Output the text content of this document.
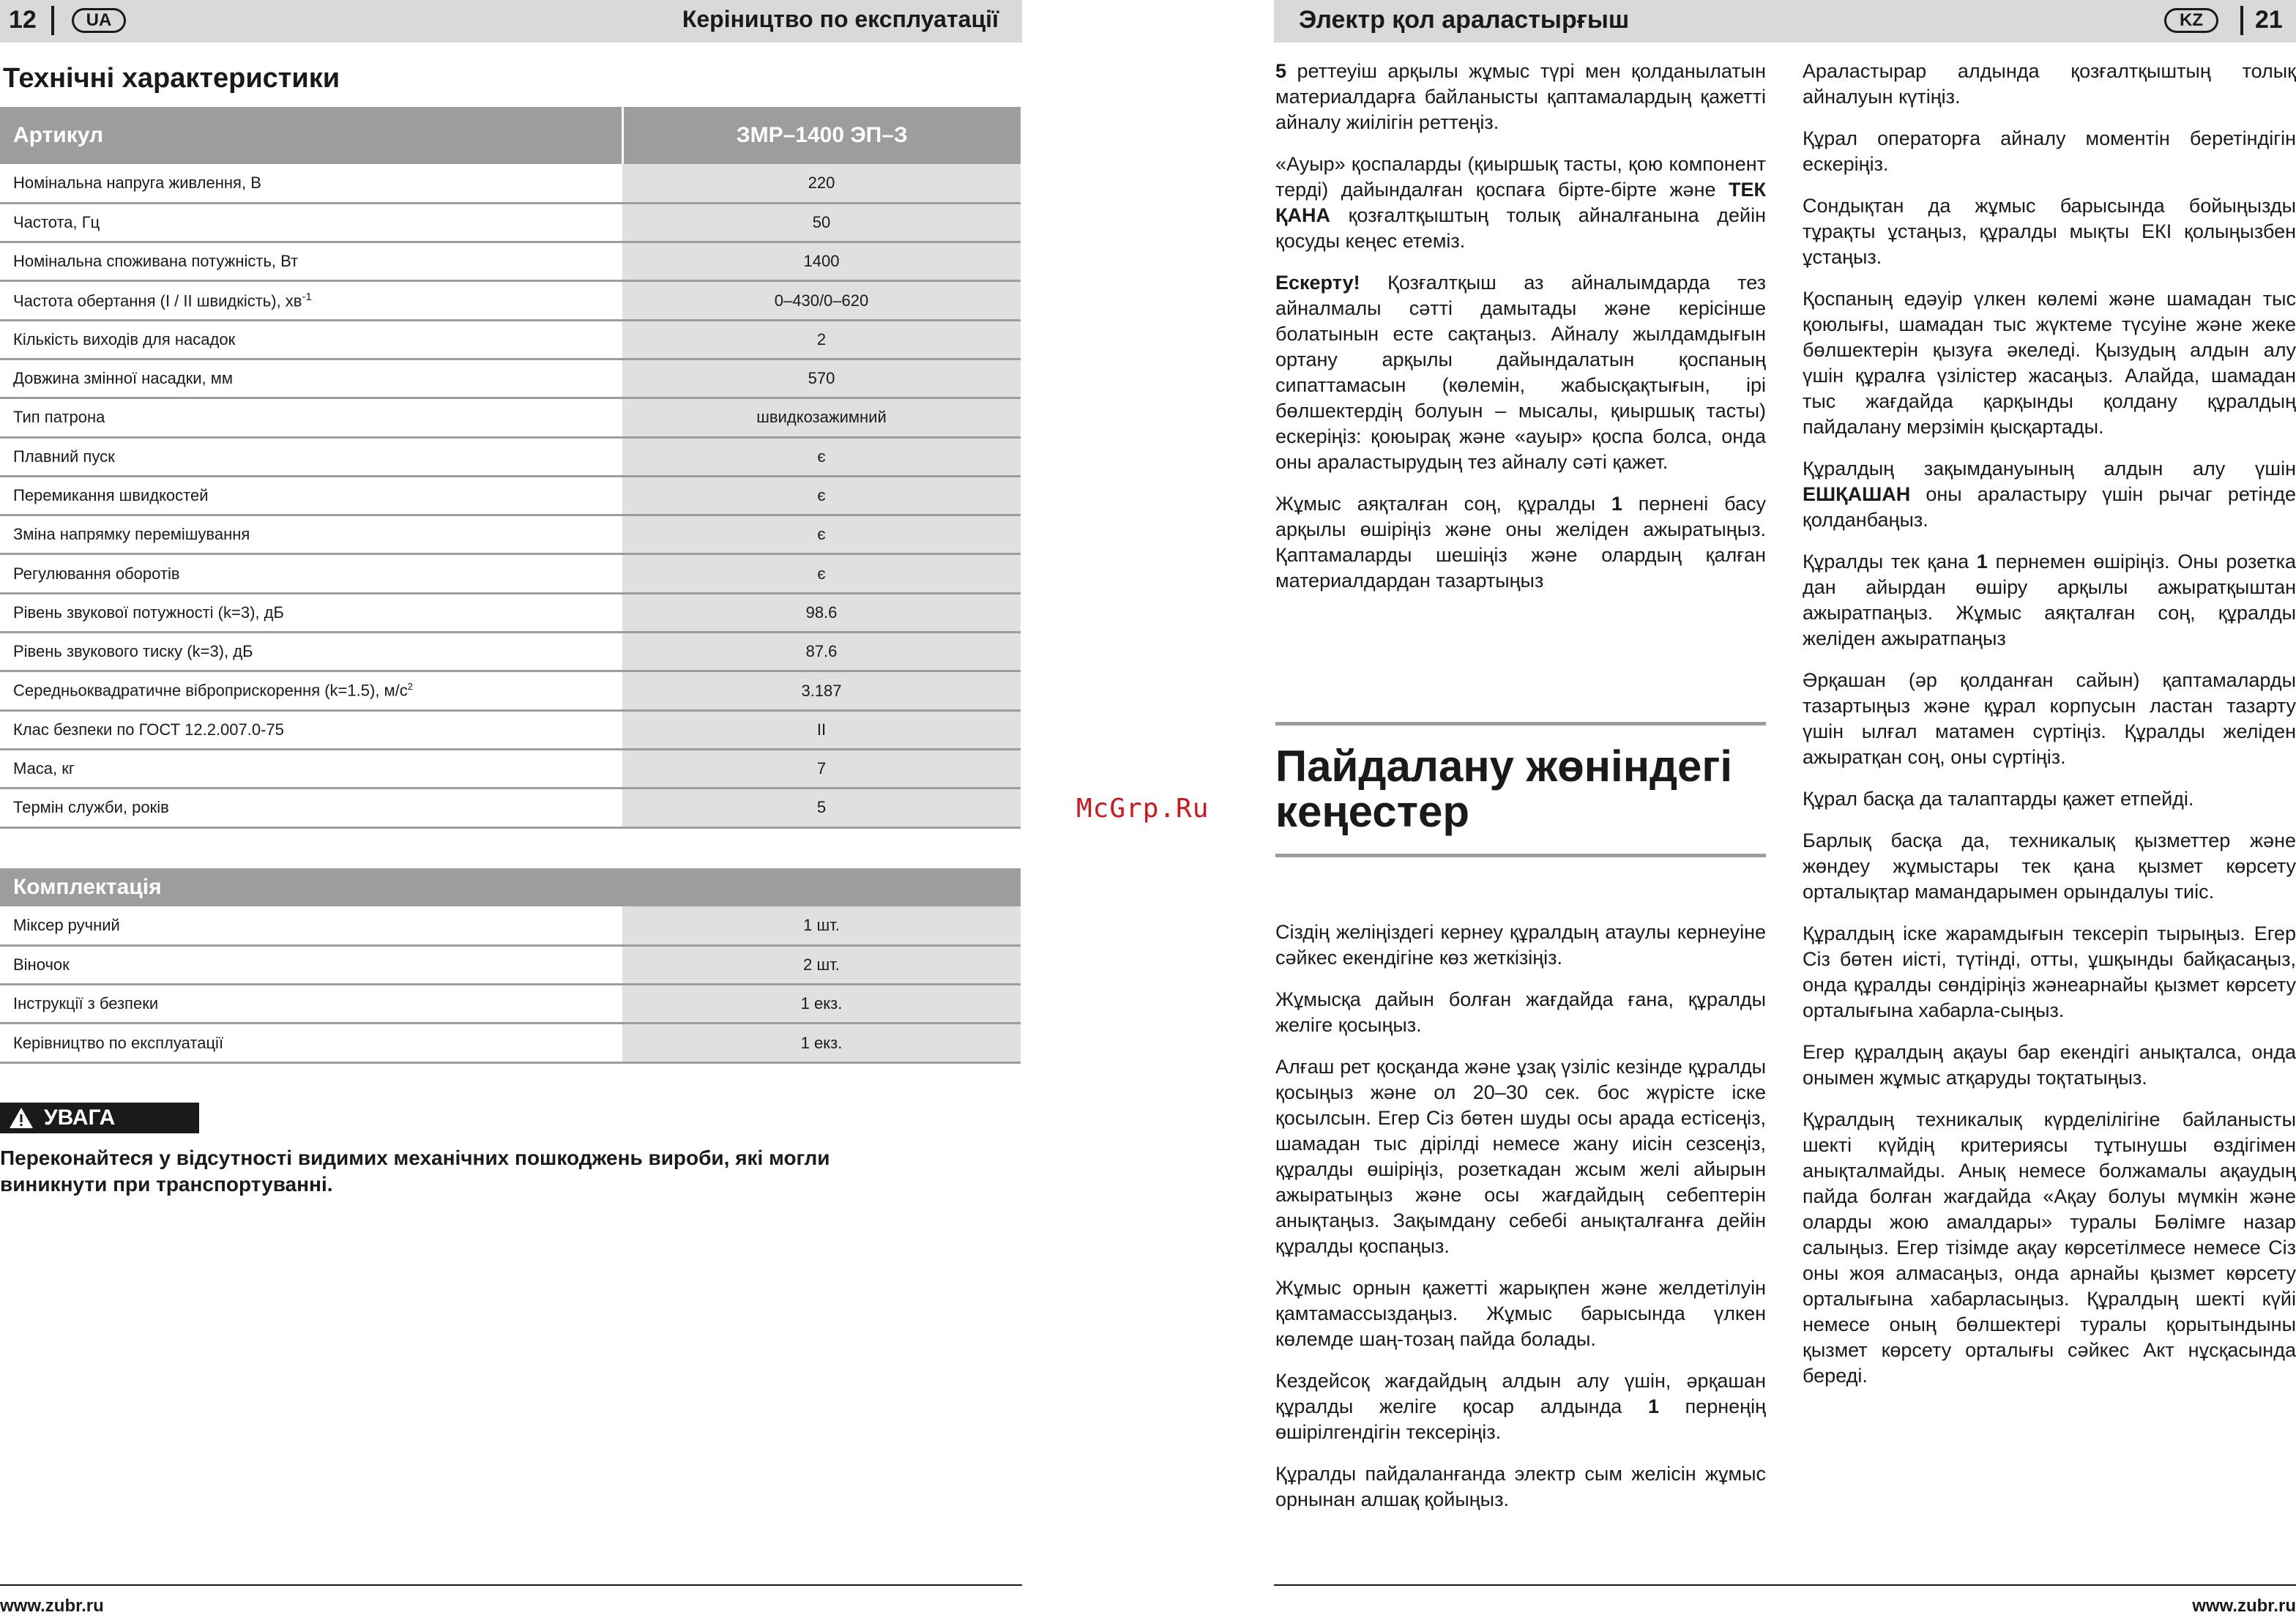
12	UA	Керіництво по експлуатації
Технічні характеристики
Артикул	ЗМР–1400 ЭП–З
Номінальна напруга живлення, В	220
Частота, Гц	50
Номінальна споживана потужність, Вт	1400
Частота обертання (I / II швидкість), $хв^{-1}$	0–430/0–620
Кількість виходів для насадок	2
Довжина змінної насадки, мм	570
Тип патрона	швидкозажимний
Плавний пуск	є
Перемикання швидкостей	є
Зміна напрямку перемішування	є
Регулювання оборотів	є
Рівень звукової потужності (k=3), дБ	98.6
Рівень звукового тиску (k=3), дБ	87.6
Середньоквадратичне віброприскорення (k=1.5), $м/с^2$	3.187
Клас безпеки по ГОСТ 12.2.007.0-75	II
Маса, кг	7
Термін служби, років	5
Комплектація	
Міксер ручний	1 шт.
Віночок	2 шт.
Інструкції з безпеки	1 екз.
Керівництво по експлуатації	1 екз.
УВАГА

Переконайтеся у відсутності видимих механічних пошкоджень вироби, які могли виникнути при транспортуванні.

www.zubr.ru
McGrp.Ru
Электр қол араластырғыш	KZ	21

5 реттеуіш арқылы жұмыс түрі мен қолданылатын материалдарға байланысты қаптамалардың қажетті айналу жиілігін реттеңіз.

«Ауыр» қоспаларды (қиыршық тасты, қою компонент терді) дайындалған қоспаға бірте-бірте және ТЕК ҚАНА қозғалтқыштың толық айналғанына дейін қосуды кеңес етеміз.

Ескерту! Қозғалтқыш аз айналымдарда тез айналмалы сәтті дамытады және керісінше болатынын есте сақтаңыз. Айналу жылдамдығын ортану арқылы дайындалатын қоспаның сипаттамасын (көлемін, жабысқақтығын, ірі бөлшектердің болуын – мысалы, қиыршық тасты) ескеріңіз: қоюырақ және «ауыр» қоспа болса, онда оны араластырудың тез айналу сәті қажет.

Жұмыс аяқталған соң, құралды 1 пернені басу арқылы өшіріңіз және оны желіден ажыратыңыз. Қаптамаларды шешіңіз және олардың қалған материалдардан тазартыңыз

Пайдалану жөніндегі кеңестер

Сіздің желіңіздегі кернеу құралдың атаулы кернеуіне сәйкес екендігіне көз жеткізіңіз.

Жұмысқа дайын болған жағдайда ғана, құралды желіге қосыңыз.

Алғаш рет қосқанда және ұзақ үзіліс кезінде құралды қосыңыз және ол 20–30 сек. бос жүрісте іске қосылсын. Егер Сіз бөтен шуды осы арада естісеңіз, шамадан тыс дірілді немесе жану иісін сезсеңіз, құралды өшіріңіз, розеткадан жсым желі айырын ажыратыңыз және осы жағдайдың себептерін анықтаңыз. Зақымдану себебі анықталғанға дейін құралды қоспаңыз.

Жұмыс орнын қажетті жарықпен және желдетілуін қамтамассыздаңыз. Жұмыс барысында үлкен көлемде шаң-тозаң пайда болады.

Кездейсоқ жағдайдың алдын алу үшін, әрқашан құралды желіге қосар алдында 1 пернеңің өшірілгендігін тексеріңіз.

Құралды пайдаланғанда электр сым желісін жұмыс орнынан алшақ қойыңыз.

Араластырар алдында қозғалтқыштың толық айналуын күтіңіз.

Құрал операторға айналу моментін беретіндігін ескеріңіз.

Сондықтан да жұмыс барысында бойыңызды тұрақты ұстаңыз, құралды мықты ЕКІ қолыңызбен ұстаңыз.

Қоспаның едәуір үлкен көлемі және шамадан тыс қоюлығы, шамадан тыс жүктеме түсуіне және жеке бөлшектерін қызуға әкеледі. Қызудың алдын алу үшін құралға үзілістер жасаңыз. Алайда, шамадан тыс жағдайда қарқынды қолдану құралдың пайдалану мерзімін қысқартады.

Құралдың зақымдануының алдын алу үшін ЕШҚАШАН оны араластыру үшін рычаг ретінде қолданбаңыз.

Құралды тек қана 1 пернемен өшіріңіз. Оны розетка дан айырдан өшіру арқылы ажыратқыштан ажыратпаңыз. Жұмыс аяқталған соң, құралды желіден ажыратпаңыз

Әрқашан (әр қолданған сайын) қаптамаларды тазартыңыз және құрал корпусын ластан тазарту үшін ылғал матамен сүртіңіз. Құралды желіден ажыратқан соң, оны сүртіңіз.

Құрал басқа да талаптарды қажет етпейді.

Барлық басқа да, техникалық қызметтер және жөндеу жұмыстары тек қана қызмет көрсету орталықтар мамандарымен орындалуы тиіс.

Құралдың іске жарамдығын тексеріп тырыңыз. Егер Сіз бөтен иісті, түтінді, отты, ұшқынды байқасаңыз, онда құралды сөндіріңіз жәнеарнайы қызмет көрсету орталығына хабарла-сыңыз.

Егер құралдың ақауы бар екендігі анықталса, онда онымен жұмыс атқаруды тоқтатыңыз.

Құралдың техникалық күрделілігіне байланысты шекті күйдің критериясы тұтынушы өздігімен анықталмайды. Анық немесе болжамалы ақаудың пайда болған жағдайда «Ақау болуы мүмкін және оларды жою амалдары» туралы Бөлімге назар салыңыз. Егер тізімде ақау көрсетілмесе немесе Сіз оны жоя алмасаңыз, онда арнайы қызмет көрсету орталығына хабарласыңыз. Құралдың шекті күйі немесе оның бөлшектері туралы қорытындыны қызмет көрсету орталығы сәйкес Акт нұсқасында береді.

www.zubr.ru
